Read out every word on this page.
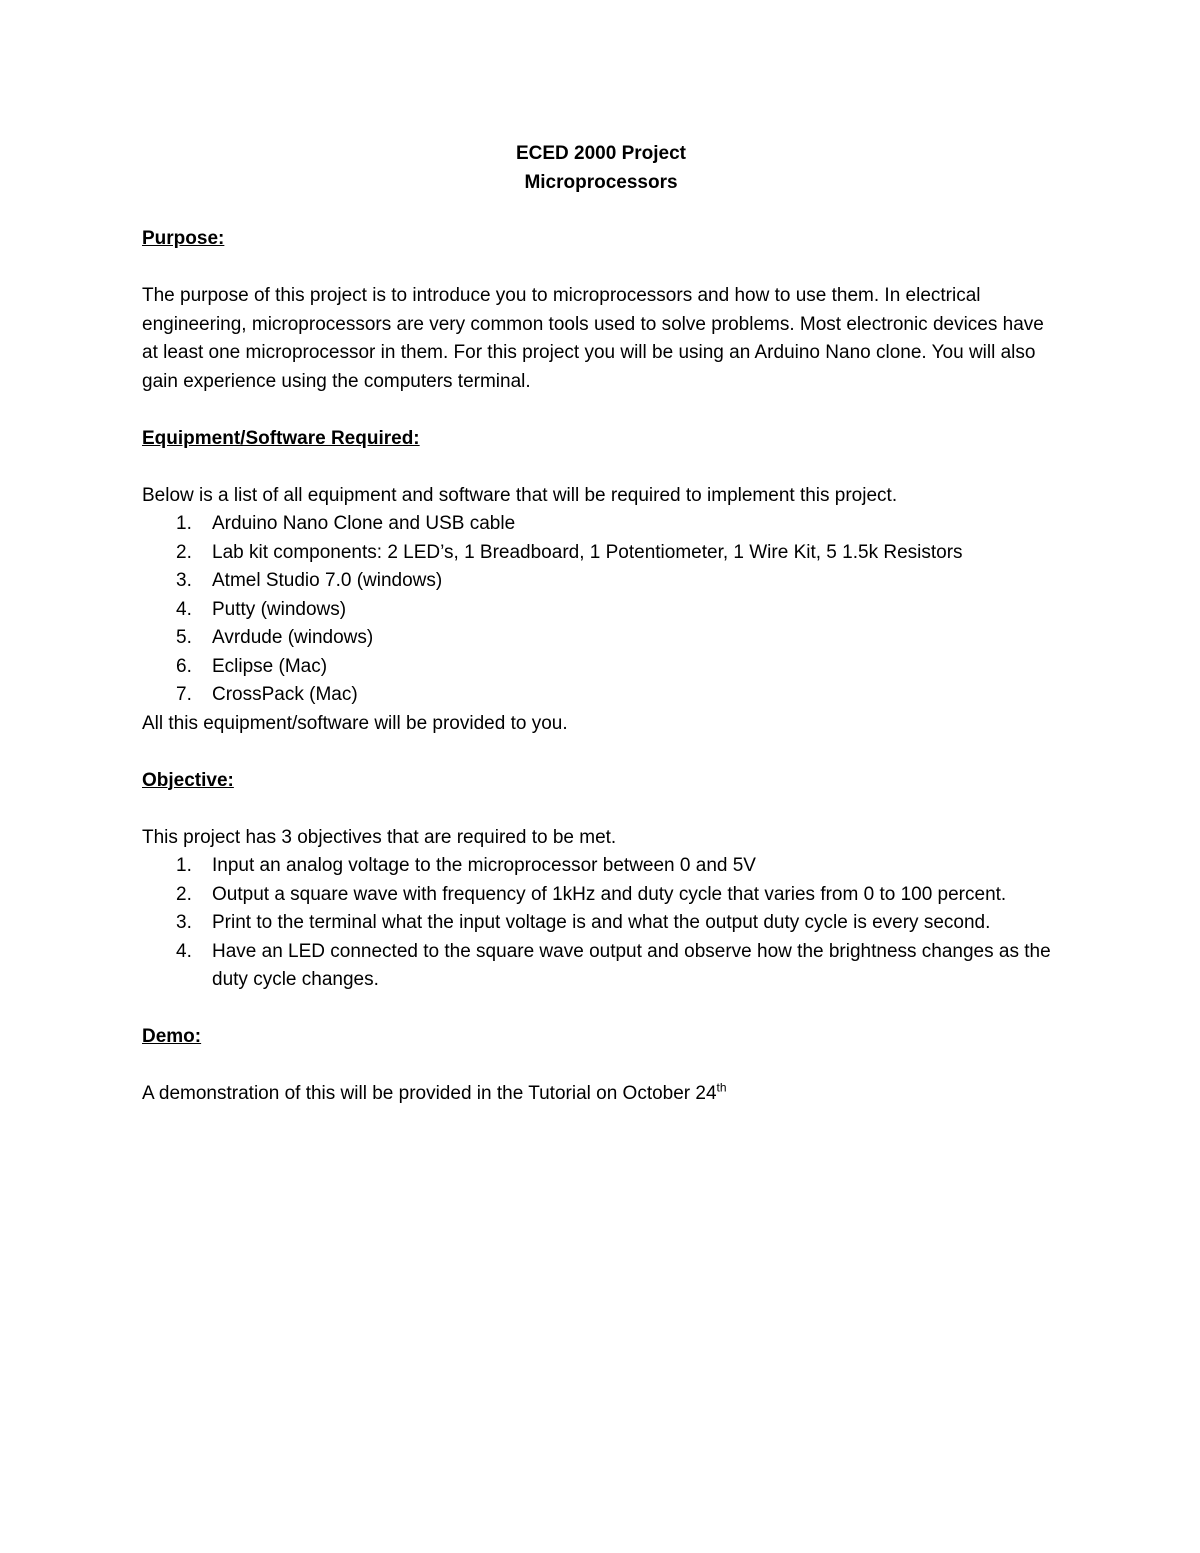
ECED 2000 Project
Microprocessors
Purpose:

The purpose of this project is to introduce you to microprocessors and how to use them. In electrical engineering, microprocessors are very common tools used to solve problems. Most electronic devices have at least one microprocessor in them. For this project you will be using an Arduino Nano clone. You will also gain experience using the computers terminal.

Equipment/Software Required:

Below is a list of all equipment and software that will be required to implement this project.

1. Arduino Nano Clone and USB cable
2. Lab kit components: 2 LED’s, 1 Breadboard, 1 Potentiometer, 1 Wire Kit, 5 1.5k Resistors
3. Atmel Studio 7.0 (windows)
4. Putty (windows)
5. Avrdude (windows)
6. Eclipse (Mac)
7. CrossPack (Mac)

All this equipment/software will be provided to you.

Objective:

This project has 3 objectives that are required to be met.

1. Input an analog voltage to the microprocessor between 0 and 5V
2. Output a square wave with frequency of 1kHz and duty cycle that varies from 0 to 100 percent.
3. Print to the terminal what the input voltage is and what the output duty cycle is every second.
4. Have an LED connected to the square wave output and observe how the brightness changes as the duty cycle changes.
Demo:

A demonstration of this will be provided in the Tutorial on October 24th
